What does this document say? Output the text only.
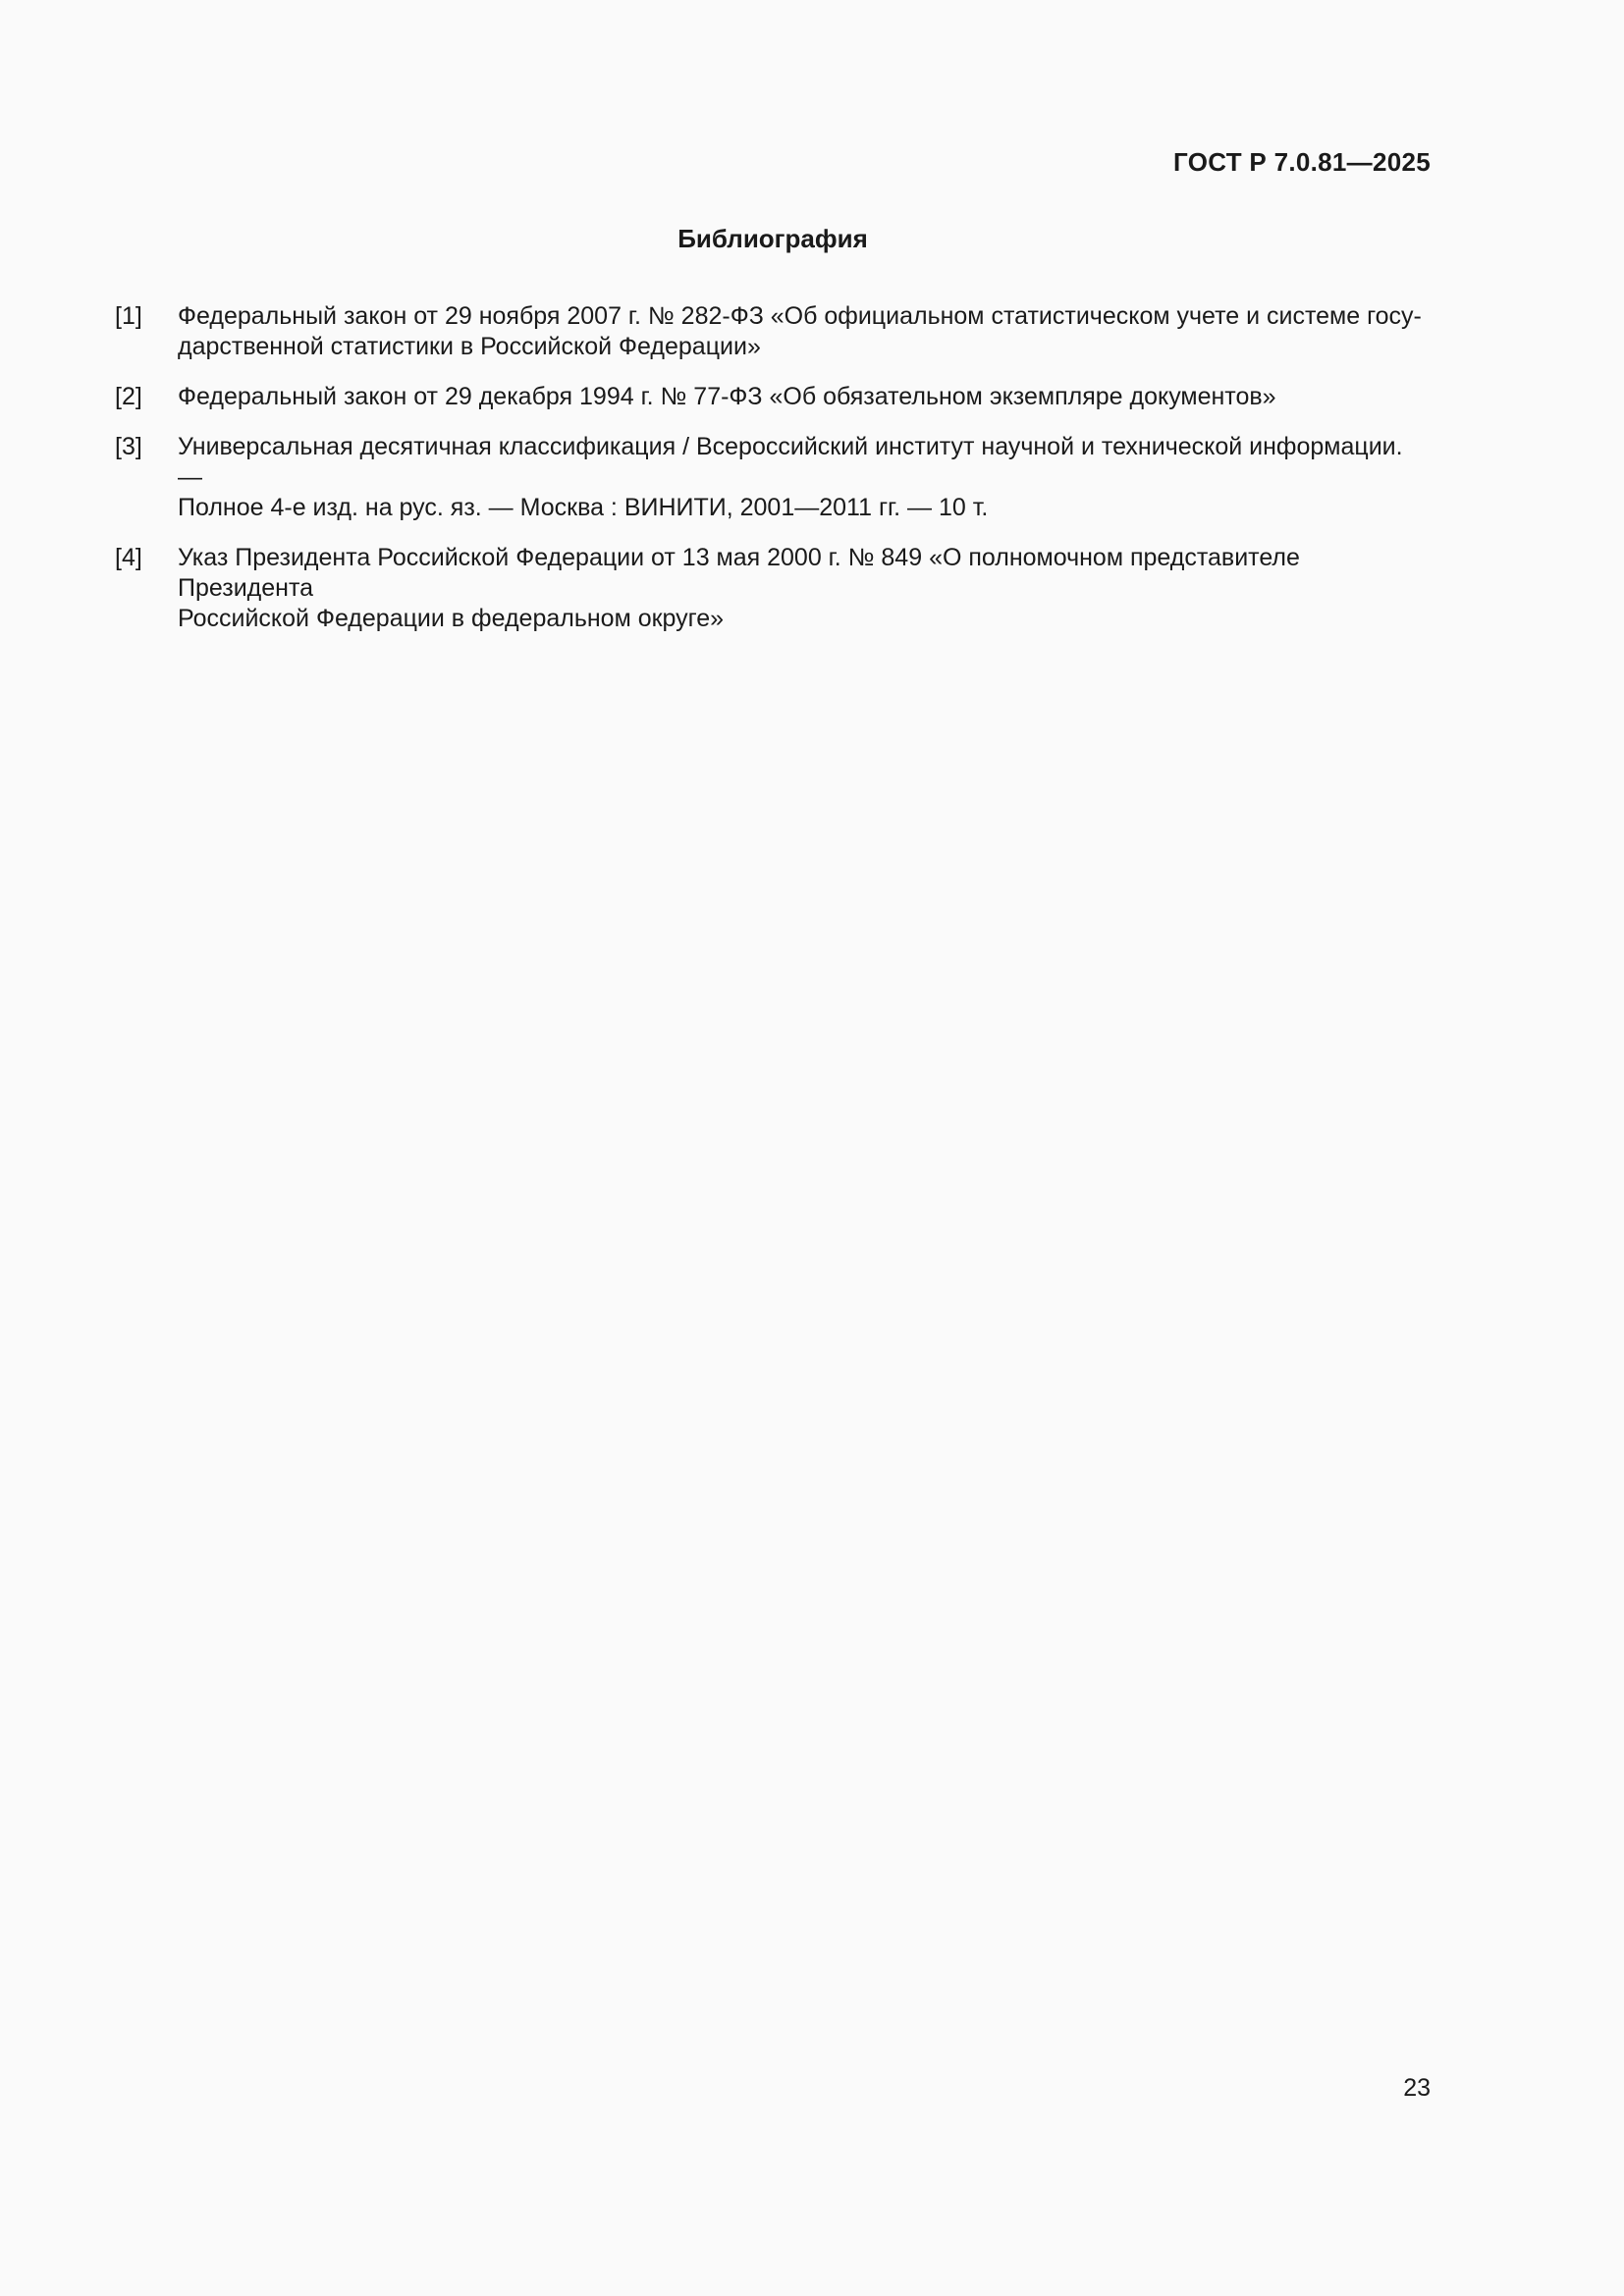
ГОСТ Р 7.0.81—2025
Библиография
[1]	Федеральный закон от 29 ноября 2007 г. № 282-ФЗ «Об официальном статистическом учете и системе госу-
дарственной статистики в Российской Федерации»
[2]	Федеральный закон от 29 декабря 1994 г. № 77-ФЗ «Об обязательном экземпляре документов»
[3]	Универсальная десятичная классификация / Всероссийский институт научной и технической информации. —
Полное 4-е изд. на рус. яз. — Москва : ВИНИТИ, 2001—2011 гг. — 10 т.
[4]	Указ Президента Российской Федерации от 13 мая 2000 г. № 849 «О полномочном представителе Президента
Российской Федерации в федеральном округе»
23
